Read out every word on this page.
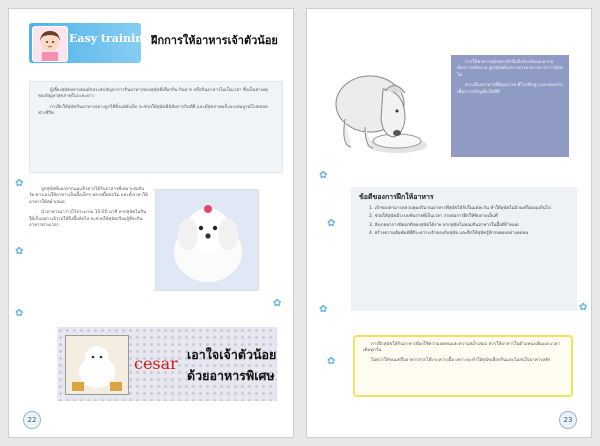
Easy training ฝึกการให้อาหารเจ้าตัวน้อย

ผู้เลี้ยงสุนัขหลายคนมักประสบปัญหาการกินอาหารของสุนัขที่เลือกกิน กินยาก หรือกินอาหารไม่เป็นเวลา ซึ่งเป็นสาเหตุของปัญหาสุขภาพในระยะยาว

การฝึกให้สุนัขกินอาหารอย่างถูกวิธีตั้งแต่ยังเล็ก จะช่วยให้สุนัขมีนิสัยการกินที่ดี และมีสุขภาพแข็งแรงสมบูรณ์ไปตลอดช่วงชีวิต

✿
✿
✿
✿

ลูกสุนัขที่แยกจากแม่แล้วควรได้รับอาหารที่เหมาะสมกับวัย ควรแบ่งให้อาหารเป็นมื้อเล็กๆ หลายมื้อต่อวัน และตั้งเวลาให้อาหารให้สม่ำเสมอ

นำอาหารมาวางไว้ประมาณ 15-20 นาที หากสุนัขไม่กินให้เก็บออก แล้วรอให้ถึงมื้อถัดไป จะช่วยให้สุนัขเรียนรู้ที่จะกินอาหารตามเวลา

cesar เอาใจเจ้าตัวน้อย
ด้วยอาหารพิเศษ
22

การให้อาหารสุนัขควรคำนึงถึงช่วงวัยและความต้องการพลังงาน ลูกสุนัขต้องการสารอาหารมากกว่าสุนัขโต

ควรเลือกอาหารที่มีคุณภาพ มีโปรตีนสูง และย่อยง่าย เพื่อการเจริญเติบโตที่ดี

✿
✿
✿
✿
✿
ข้อดีของการฝึกให้อาหาร

1. เจ้าของสามารถควบคุมปริมาณอาหารที่สุนัขได้รับในแต่ละวัน ทำให้สุนัขไม่อ้วนหรือผอมเกินไป

2. ช่วยให้สุนัขมีระบบขับถ่ายที่เป็นเวลา ง่ายต่อการฝึกให้ขับถ่ายเป็นที่

3. สังเกตอาการผิดปกติของสุนัขได้ง่าย หากสุนัขไม่ยอมกินอาหารในมื้อที่กำหนด

4. สร้างความสัมพันธ์ที่ดีระหว่างเจ้าของกับสุนัข และฝึกให้สุนัขรู้จักรอคอยอย่างอดทน

การฝึกสุนัขให้กินอาหารต้องใช้ความอดทนและความสม่ำเสมอ ควรให้อาหารในตำแหน่งเดิมและเวลาเดิมทุกวัน

ไม่ควรให้ขนมหรืออาหารจากโต๊ะระหว่างมื้อ เพราะจะทำให้สุนัขเลือกกินและไม่สนใจอาหารหลัก

23
